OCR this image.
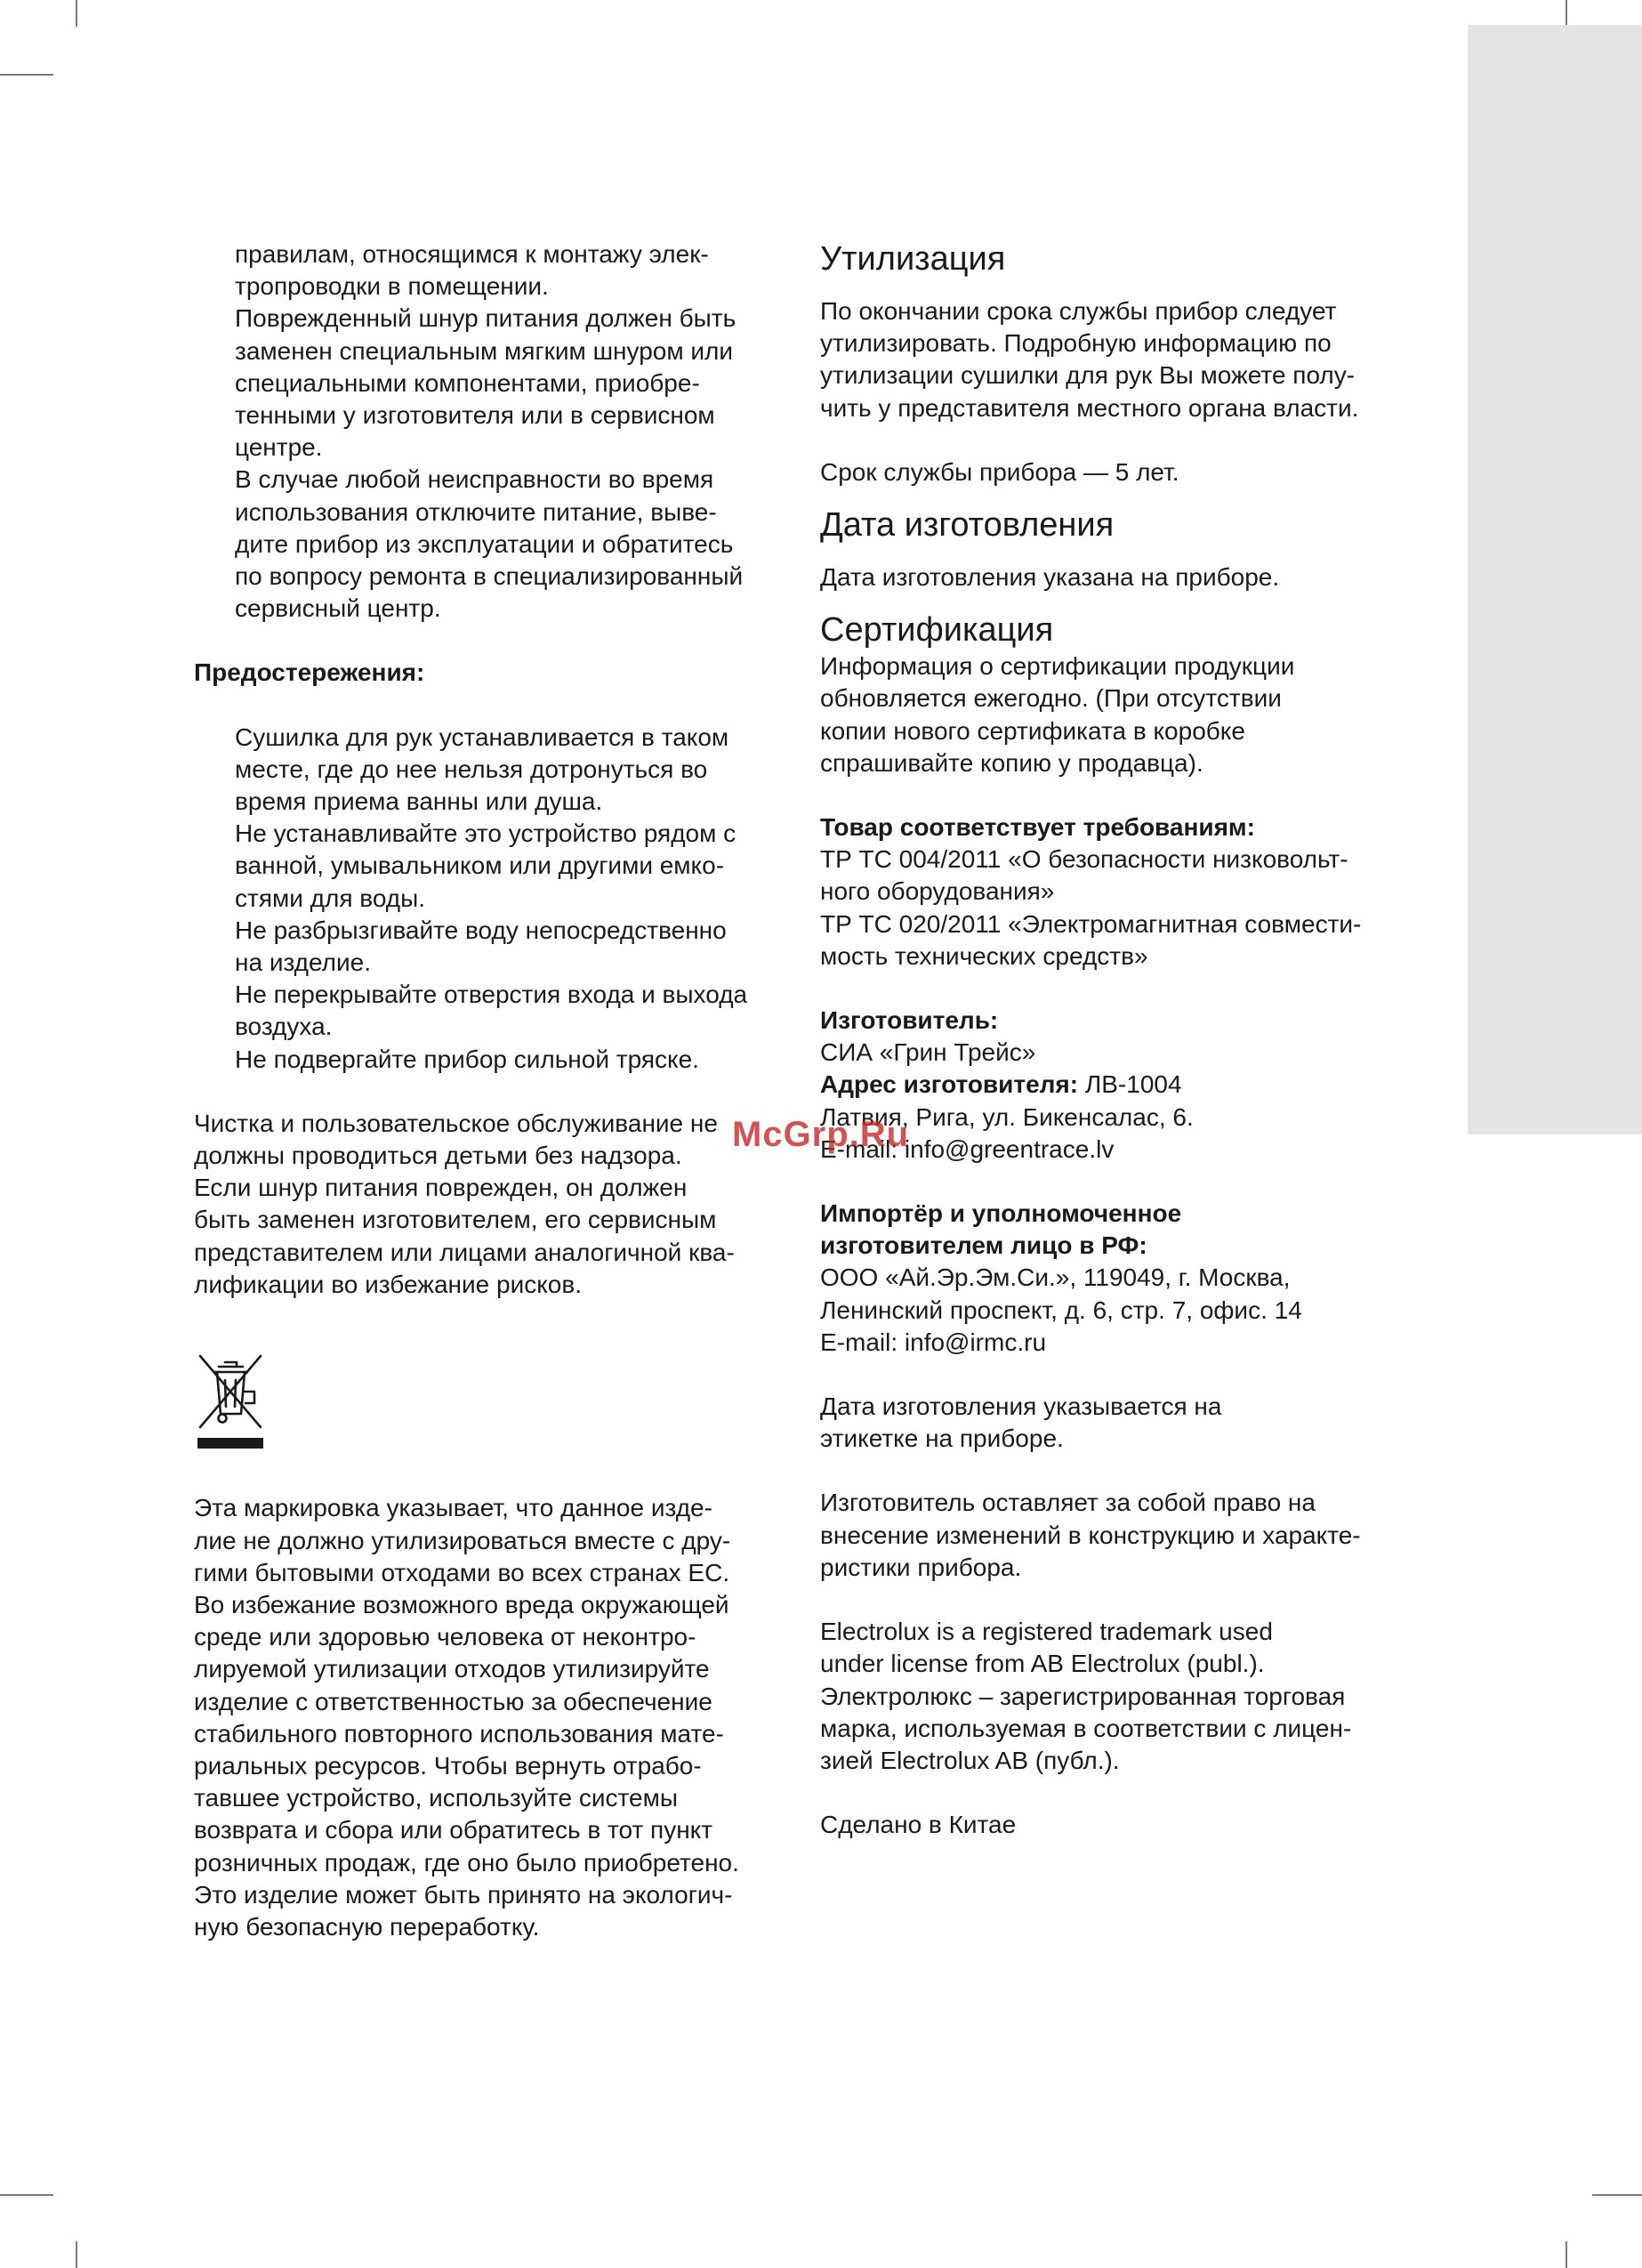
правилам, относящимся к монтажу элек-
тропроводки в помещении.
Поврежденный шнур питания должен быть
заменен специальным мягким шнуром или
специальными компонентами, приобре-
тенными у изготовителя или в сервисном
центре.
В случае любой неисправности во время
использования отключите питание, выве-
дите прибор из эксплуатации и обратитесь
по вопросу ремонта в специализированный
сервисный центр.
Предостережения:
Сушилка для рук устанавливается в таком
месте, где до нее нельзя дотронуться во
время приема ванны или душа.
Не устанавливайте это устройство рядом с
ванной, умывальником или другими емко-
стями для воды.
Не разбрызгивайте воду непосредственно
на изделие.
Не перекрывайте отверстия входа и выхода
воздуха.
Не подвергайте прибор сильной тряске.
Чистка и пользовательское обслуживание не
должны проводиться детьми без надзора.
Если шнур питания поврежден, он должен
быть заменен изготовителем, его сервисным
представителем или лицами аналогичной ква-
лификации во избежание рисков.
Эта маркировка указывает, что данное изде-
лие не должно утилизироваться вместе с дру-
гими бытовыми отходами во всех странах ЕС.
Во избежание возможного вреда окружающей
среде или здоровью человека от неконтро-
лируемой утилизации отходов утилизируйте
изделие с ответственностью за обеспечение
стабильного повторного использования мате-
риальных ресурсов. Чтобы вернуть отрабо-
тавшее устройство, используйте системы
возврата и сбора или обратитесь в тот пункт
розничных продаж, где оно было приобретено.
Это изделие может быть принято на экологич-
ную безопасную переработку.
Утилизация
По окончании срока службы прибор следует
утилизировать. Подробную информацию по
утилизации сушилки для рук Вы можете полу-
чить у представителя местного органа власти.
Срок службы прибора — 5 лет.
Дата изготовления
Дата изготовления указана на приборе.
Сертификация
Информация о сертификации продукции
обновляется ежегодно. (При отсутствии
копии нового сертификата в коробке
спрашивайте копию у продавца).
Товар соответствует требованиям:
ТР ТС 004/2011 «О безопасности низковольт-
ного оборудования»
ТР ТС 020/2011 «Электромагнитная совмести-
мость технических средств»
Изготовитель:
СИА «Грин Трейс»
Адрес изготовителя: ЛВ-1004
Латвия, Рига, ул. Бикенсалас, 6.
E-mail: info@greentrace.lv
Импортёр и уполномоченное
изготовителем лицо в РФ:
ООО «Ай.Эр.Эм.Си.», 119049, г. Москва,
Ленинский проспект, д. 6, стр. 7, офис. 14
E-mail: info@irmc.ru
Дата изготовления указывается на
этикетке на приборе.
Изготовитель оставляет за собой право на
внесение изменений в конструкцию и характе-
ристики прибора.
Electrolux is a registered trademark used
under license from AB Electrolux (publ.).
Электролюкс – зарегистрированная торговая
марка, используемая в соответствии с лицен-
зией Electrolux AB (публ.).
Сделано в Китае
McGrp.Ru
